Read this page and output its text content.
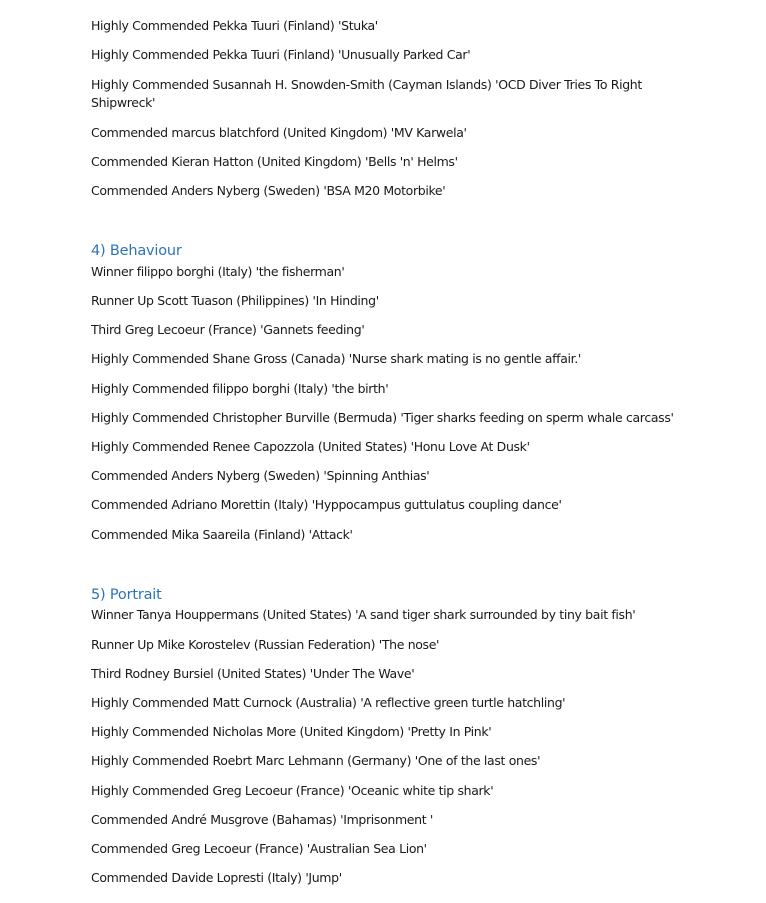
Highly Commended Pekka Tuuri (Finland) 'Stuka'
Highly Commended Pekka Tuuri (Finland) 'Unusually Parked Car'
Highly Commended Susannah H. Snowden-Smith (Cayman Islands) 'OCD Diver Tries To Right Shipwreck'
Commended marcus blatchford (United Kingdom) 'MV Karwela'
Commended Kieran Hatton (United Kingdom) 'Bells 'n' Helms'
Commended Anders Nyberg (Sweden) 'BSA M20 Motorbike'
4) Behaviour
Winner filippo borghi (Italy) 'the fisherman'
Runner Up Scott Tuason (Philippines) 'In Hinding'
Third Greg Lecoeur (France) 'Gannets feeding'
Highly Commended Shane Gross (Canada) 'Nurse shark mating is no gentle affair.'
Highly Commended filippo borghi (Italy) 'the birth'
Highly Commended Christopher Burville (Bermuda) 'Tiger sharks feeding on sperm whale carcass'
Highly Commended Renee Capozzola (United States) 'Honu Love At Dusk'
Commended Anders Nyberg (Sweden) 'Spinning Anthias'
Commended Adriano Morettin (Italy) 'Hyppocampus guttulatus coupling dance'
Commended Mika Saareila (Finland) 'Attack'
5) Portrait
Winner Tanya Houppermans (United States) 'A sand tiger shark surrounded by tiny bait fish'
Runner Up Mike Korostelev (Russian Federation) 'The nose'
Third Rodney Bursiel (United States) 'Under The Wave'
Highly Commended Matt Curnock (Australia) 'A reflective green turtle hatchling'
Highly Commended Nicholas More (United Kingdom) 'Pretty In Pink'
Highly Commended Roebrt Marc Lehmann (Germany) 'One of the last ones'
Highly Commended Greg Lecoeur (France) 'Oceanic white tip shark'
Commended André Musgrove (Bahamas) 'Imprisonment '
Commended Greg Lecoeur (France) 'Australian Sea Lion'
Commended Davide Lopresti (Italy) 'Jump'
